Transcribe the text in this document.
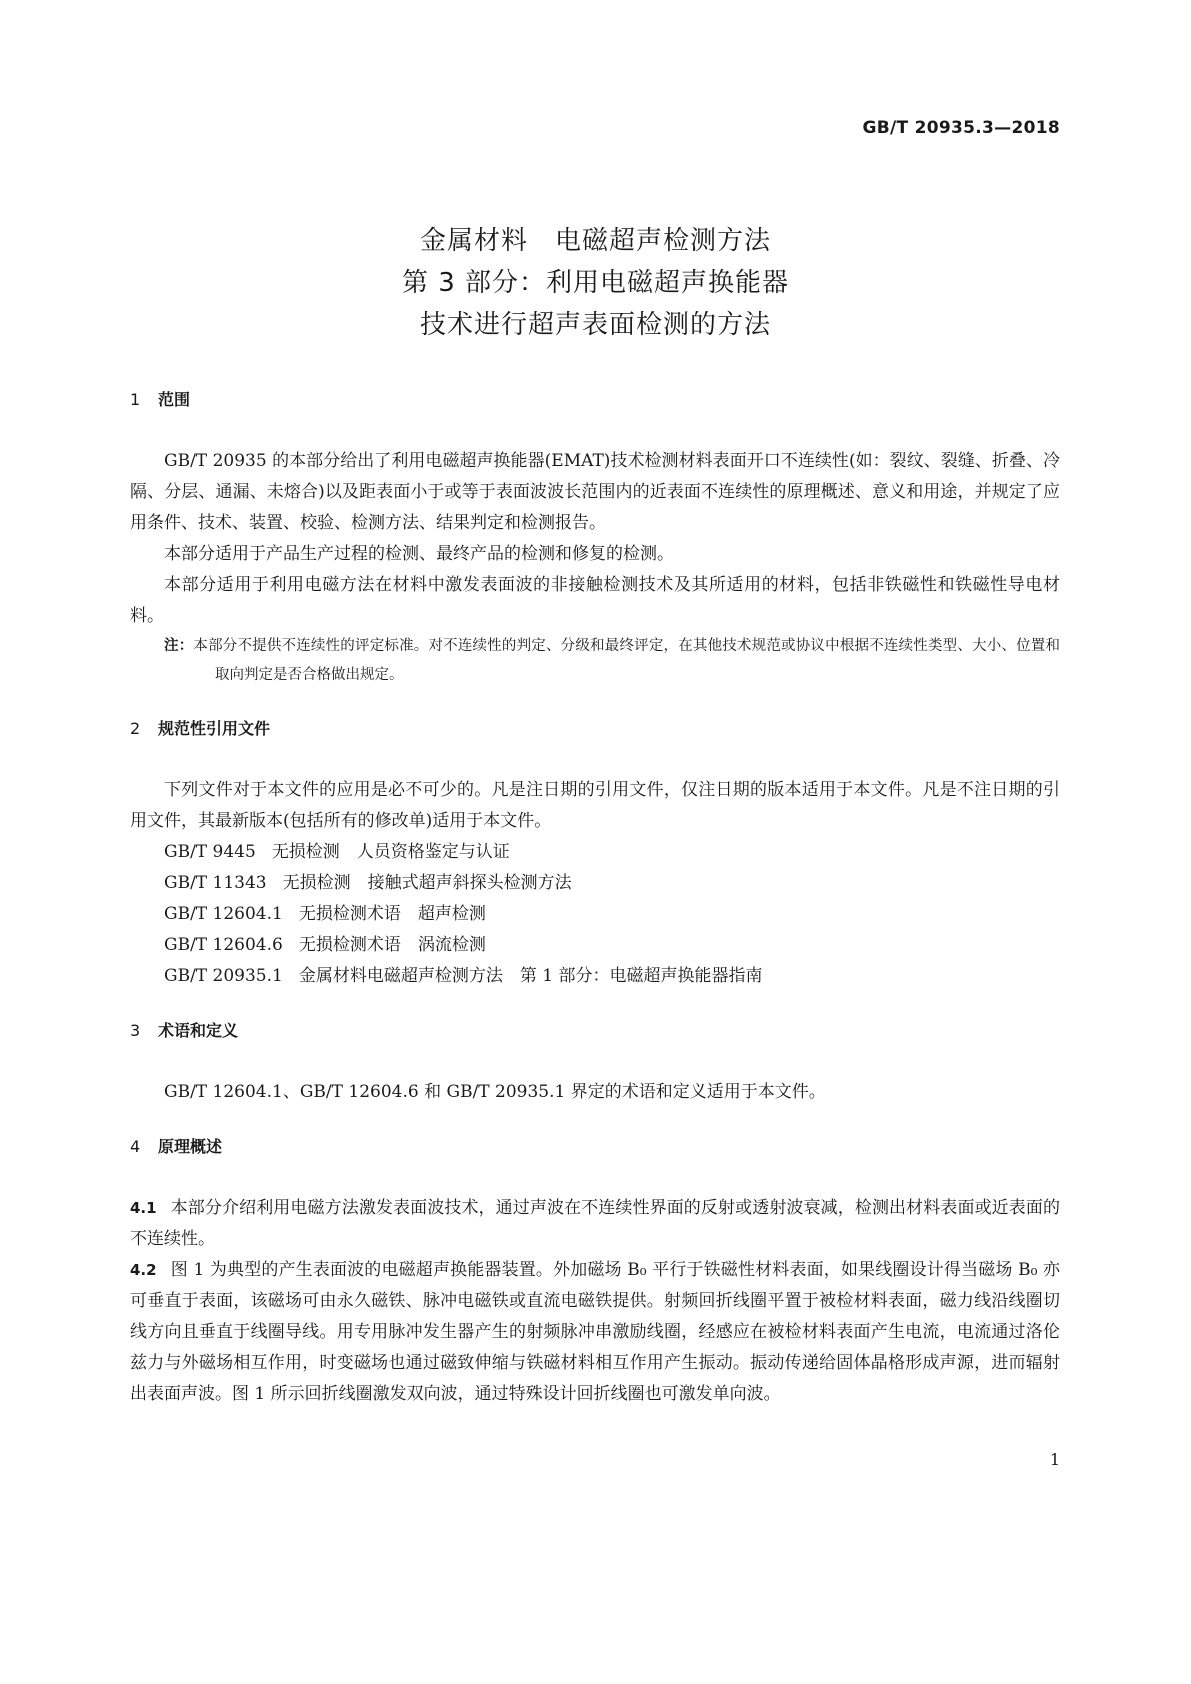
GB/T 20935.3—2018
金属材料　电磁超声检测方法
第 3 部分：利用电磁超声换能器
技术进行超声表面检测的方法
1 范围

GB/T 20935 的本部分给出了利用电磁超声换能器(EMAT)技术检测材料表面开口不连续性(如：裂纹、裂缝、折叠、冷隔、分层、通漏、未熔合)以及距表面小于或等于表面波波长范围内的近表面不连续性的原理概述、意义和用途，并规定了应用条件、技术、装置、校验、检测方法、结果判定和检测报告。

本部分适用于产品生产过程的检测、最终产品的检测和修复的检测。

本部分适用于利用电磁方法在材料中激发表面波的非接触检测技术及其所适用的材料，包括非铁磁性和铁磁性导电材料。

注：本部分不提供不连续性的评定标准。对不连续性的判定、分级和最终评定，在其他技术规范或协议中根据不连续性类型、大小、位置和取向判定是否合格做出规定。

2 规范性引用文件

下列文件对于本文件的应用是必不可少的。凡是注日期的引用文件，仅注日期的版本适用于本文件。凡是不注日期的引用文件，其最新版本(包括所有的修改单)适用于本文件。

GB/T 9445 无损检测　人员资格鉴定与认证

GB/T 11343 无损检测　接触式超声斜探头检测方法

GB/T 12604.1 无损检测术语　超声检测

GB/T 12604.6 无损检测术语　涡流检测

GB/T 20935.1 金属材料电磁超声检测方法　第 1 部分：电磁超声换能器指南

3 术语和定义

GB/T 12604.1、GB/T 12604.6 和 GB/T 20935.1 界定的术语和定义适用于本文件。

4 原理概述

4.1 本部分介绍利用电磁方法激发表面波技术，通过声波在不连续性界面的反射或透射波衰减，检测出材料表面或近表面的不连续性。

4.2 图 1 为典型的产生表面波的电磁超声换能器装置。外加磁场 B₀ 平行于铁磁性材料表面，如果线圈设计得当磁场 B₀ 亦可垂直于表面，该磁场可由永久磁铁、脉冲电磁铁或直流电磁铁提供。射频回折线圈平置于被检材料表面，磁力线沿线圈切线方向且垂直于线圈导线。用专用脉冲发生器产生的射频脉冲串激励线圈，经感应在被检材料表面产生电流，电流通过洛伦兹力与外磁场相互作用，时变磁场也通过磁致伸缩与铁磁材料相互作用产生振动。振动传递给固体晶格形成声源，进而辐射出表面声波。图 1 所示回折线圈激发双向波，通过特殊设计回折线圈也可激发单向波。

1
